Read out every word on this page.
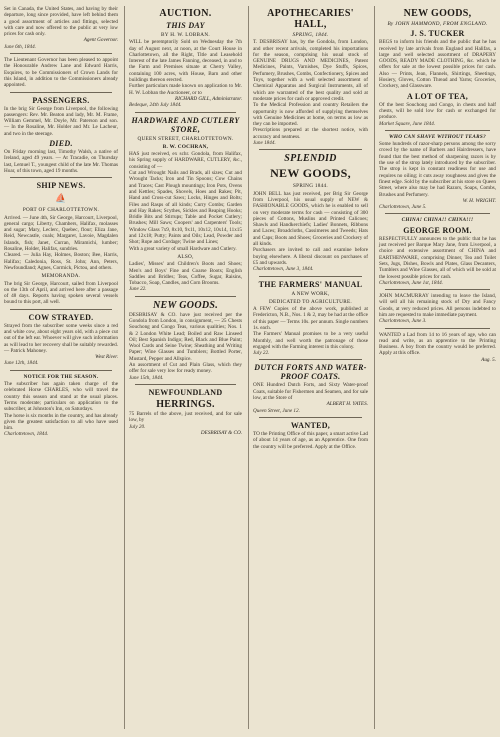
Set in Canada, the United States, and having by their departure, long since provided, have left behind them a good assortment of articles and fittings, selected with care and now offered to the public at very low prices for cash only.

Agent Governor.

June 6th, 1844.

The Lieutenant Governor has been pleased to appoint the Honourable Andrew Lane and Edward Harris, Esquires, to be Commissioners of Crown Lands for this Island, in addition to the Commissioners already appointed.

PASSENGERS.

In the brig Sir George from Liverpool, the following passengers: Rev. Mr. Beaton and lady, Mr. M. Frame, William Gemmel, Mr. Doyle, Mr. Paterson and son. — In the Rosaline, Mr. Holder and Mr. Le Lacheur, and two in the steerage.

DIED.

On Friday morning last, Timothy Walsh, a native of Ireland, aged 49 years. — At Tracadie, on Thursday last, Lemuel T., youngest child of the late Mr. Thomas Hoar, of this town, aged 19 months.

SHIP NEWS.

⛵

PORT OF CHARLOTTETOWN.

Arrived. — June 4th, Sir George, Harcourt, Liverpool, general cargo; Liberty, Chambers, Halifax, molasses and sugar; Mary, Leclerc, Quebec, flour; Eliza Jane, Reid, Newcastle, coals; Margaret, Lavoie, Magdalen Islands, fish; Janet, Curran, Miramichi, lumber; Rosaline, Holder, Halifax, sundries.

Cleared. — Julia Hay, Holmes, Boston; Bee, Harris, Halifax; Caledonia, Ross, St. John; Ann, Peters, Newfoundland; Agnes, Cormick, Pictou, and others.

MEMORANDA.

The brig Sir George, Harcourt, sailed from Liverpool on the 13th of April, and arrived here after a passage of 48 days. Reports having spoken several vessels bound to this port, all well.

COW STRAYED.

Strayed from the subscriber some weeks since a red and white cow, about eight years old, with a piece cut out of the left ear. Whoever will give such information as will lead to her recovery shall be suitably rewarded. — Patrick Mahoney.

West River.

June 12th, 1844.

NOTICE FOR THE SEASON.

The subscriber has again taken charge of the celebrated Horse CHARLES, who will travel the country this season and stand at the usual places. Terms moderate; particulars on application to the subscriber, at Johnston's Inn, on Saturdays.

The horse is six months in the country, and has already given the greatest satisfaction to all who have used him.

Charlottetown, 1844.

AUCTION.

THIS DAY

BY H. W. LOBBAN.

WILL be peremptorily Sold on Wednesday the 7th day of August next, at noon, at the Court House in Charlottetown, all the Right, Title and Leasehold Interest of the late James Fanning, deceased, in and to the Farm and Premises situate at Cherry Valley, containing 100 acres, with House, Barn and other buildings thereon erected.

Further particulars made known on application to Mr. H. W. Lobban the Auctioneer, or to

RICHARD GILL, Administrator.

Bedeque, 24th July 1844.

HARDWARE AND CUTLERY STORE,

QUEEN STREET, CHARLOTTETOWN.

B. W. COCHRAN,

HAS just received, ex schr. Gondola, from Halifax, his Spring supply of HARDWARE, CUTLERY, &c., consisting of —

Cut and Wrought Nails and Brads, all sizes; Cut and Wrought Tacks; Iron and Tin Spoons; Cow Chains and Traces; Cast Plough mountings; Iron Pots, Ovens and Kettles; Spades, Shovels, Hoes and Rakes; Pit, Hand and Cross-cut Saws; Locks, Hinges and Bolts; Files and Rasps of all kinds; Curry Combs; Garden and Hay Rakes; Scythes, Sickles and Reaping Hooks; Bridle Bits and Stirrups; Table and Pocket Cutlery; Brushes; Mill Saws; Coopers' and Carpenters' Tools; Window Glass 7x9, 8x10, 9x11, 10x12, 10x14, 11x15 and 12x18; Putty; Paints and Oils; Lead, Powder and Shot; Rope and Cordage; Twine and Lines;

With a great variety of small Hardware and Cutlery.

ALSO,

Ladies', Misses' and Children's Boots and Shoes; Men's and Boys' Fine and Coarse Boots; English Saddles and Bridles; Teas, Coffee, Sugar, Raisins, Tobacco, Soap, Candles, and Corn Brooms.

June 22.

NEW GOODS.

DESBRISAY & CO. have just received per the Gondola from London, in consignment, — 25 Chests Souchong and Congo Teas, various qualities; Nos. 1 & 2 London White Lead; Boiled and Raw Linseed Oil; Best Spanish Indigo; Red, Black and Blue Paint; Wool Cards and Seine Twine; Sheathing and Writing Paper; Wine Glasses and Tumblers; Bottled Porter, Mustard, Pepper and Allspice.

An assortment of Cut and Plain Glass, which they offer for sale very low for ready money.

June 15th, 1844.

NEWFOUNDLAND

HERRINGS.

75 Barrels of the above, just received, and for sale low, by

July 20.

DESBRISAY & CO.

APOTHECARIES' HALL,

SPRING, 1844.

T. DESBRISAY has, by the Gondola, from London, and other recent arrivals, completed his importations for the season, comprising his usual stock of GENUINE DRUGS AND MEDICINES, Patent Medicines, Paints, Varnishes, Dye Stuffs, Spices, Perfumery, Brushes, Combs, Confectionery, Spices and Toys, together with a well selected assortment of Chemical Apparatus and Surgical Instruments, all of which are warranted of the best quality and sold at moderate prices for cash or approved credit.

To the Medical Profession and country Retailers the opportunity is now afforded of supplying themselves with Genuine Medicines at home, on terms as low as they can be imported.

Prescriptions prepared at the shortest notice, with accuracy and neatness.

June 1844.

SPLENDID

NEW GOODS,

SPRING 1844.

JOHN BELL has just received, per Brig Sir George from Liverpool, his usual supply of NEW & FASHIONABLE GOODS, which he is enabled to sell on very moderate terms for cash — consisting of 300 pieces of Cottons, Muslins and Printed Calicoes; Shawls and Handkerchiefs; Ladies' Bonnets, Ribbons and Laces; Broadcloths, Cassimeres and Tweeds; Hats and Caps; Boots and Shoes; Groceries and Crockery of all kinds.

Purchasers are invited to call and examine before buying elsewhere. A liberal discount on purchases of £5 and upwards.

Charlottetown, June 3, 1844.

THE FARMERS' MANUAL

A NEW WORK,

DEDICATED TO AGRICULTURE.

A FEW Copies of the above work, published at Fredericton, N.B., Nos. 1 & 2, may be had at the office of this paper — Terms 10s. per annum. Single numbers 1s. each.

The Farmers' Manual promises to be a very useful Monthly, and well worth the patronage of those engaged with the Farming interest in this colony.

July 22.

DUTCH FORTS AND WATER-PROOF COATS.

ONE Hundred Dutch Forts, and Sixty Water-proof Coats, suitable for Fishermen and Seamen, and for sale low, at the Store of

ALBERT H. YATES.

Queen Street, June 12.

WANTED,

TO the Printing Office of this paper, a smart active Lad of about 14 years of age, as an Apprentice. One from the country will be preferred. Apply at the Office.

NEW GOODS,

By JOHN HAMMOND, FROM ENGLAND.

J. S. TUCKER

BEGS to inform his friends and the public that he has received by late arrivals from England and Halifax, a large and well selected assortment of DRAPERY GOODS, READY MADE CLOTHING, &c. which he offers for sale at the lowest possible prices for cash. Also — Prints, Jean, Flannels, Shirtings, Sheetings, Hosiery, Gloves, Cotton Thread and Yarns; Groceries, Crockery, and Glassware.

A LOT OF TEA,

Of the best Souchong and Congo, in chests and half chests, will be sold low for cash or exchanged for produce.

Market Square, June 1844.

WHO CAN SHAVE WITHOUT TEARS?

Some hundreds of razor-sharp persons among the sorry crowd by the name of Barbers and Hairdressers, have found that the best method of sharpening razors is by the use of the strop lately introduced by the subscriber. The strop is kept in constant readiness for use and requires no oiling; it cuts away roughness and gives the finest edge. Sold by the subscriber at his store on Queen Street, where also may be had Razors, Soaps, Combs, Brushes and Perfumery.

W. H. WRIGHT.

Charlottetown, June 5.

CHINA! CHINA!! CHINA!!!

GEORGE ROOM.

RESPECTFULLY announces to the public that he has just received per Barque Mary Jane, from Liverpool, a choice and extensive assortment of CHINA and EARTHENWARE, comprising Dinner, Tea and Toilet Sets, Jugs, Dishes, Bowls and Plates, Glass Decanters, Tumblers and Wine Glasses, all of which will be sold at the lowest possible prices for cash.

Charlottetown, June 1st, 1844.

JOHN MACMURRAY intending to leave the Island, will sell all his remaining stock of Dry and Fancy Goods, at very reduced prices. All persons indebted to him are requested to make immediate payment.

Charlottetown, June 3.

WANTED a Lad from 14 to 16 years of age, who can read and write, as an apprentice to the Printing Business. A boy from the country would be preferred. Apply at this office.

Aug. 5.
